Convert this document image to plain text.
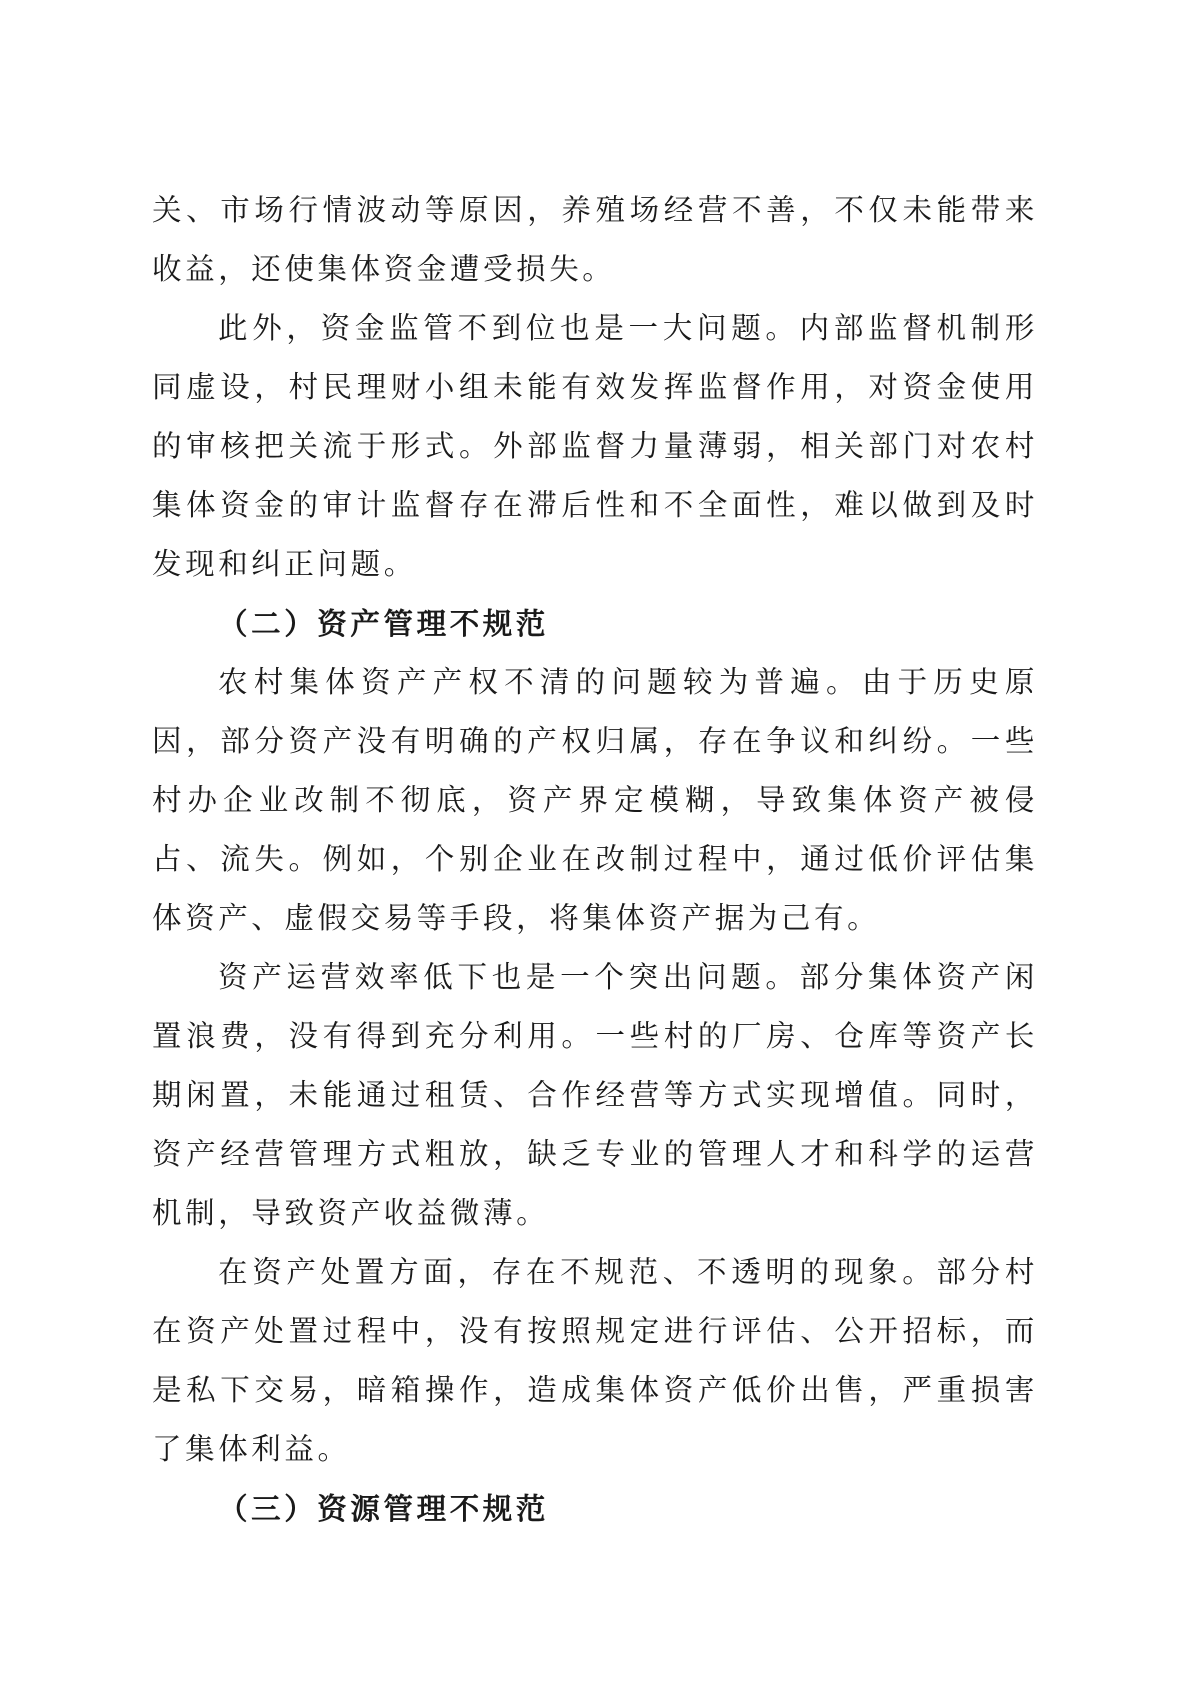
关、市场行情波动等原因，养殖场经营不善，不仅未能带来收益，还使集体资金遭受损失。

此外，资金监管不到位也是一大问题。内部监督机制形同虚设，村民理财小组未能有效发挥监督作用，对资金使用的审核把关流于形式。外部监督力量薄弱，相关部门对农村集体资金的审计监督存在滞后性和不全面性，难以做到及时发现和纠正问题。

（二）资产管理不规范

农村集体资产产权不清的问题较为普遍。由于历史原因，部分资产没有明确的产权归属，存在争议和纠纷。一些村办企业改制不彻底，资产界定模糊，导致集体资产被侵占、流失。例如，个别企业在改制过程中，通过低价评估集体资产、虚假交易等手段，将集体资产据为己有。

资产运营效率低下也是一个突出问题。部分集体资产闲置浪费，没有得到充分利用。一些村的厂房、仓库等资产长期闲置，未能通过租赁、合作经营等方式实现增值。同时，资产经营管理方式粗放，缺乏专业的管理人才和科学的运营机制，导致资产收益微薄。

在资产处置方面，存在不规范、不透明的现象。部分村在资产处置过程中，没有按照规定进行评估、公开招标，而是私下交易，暗箱操作，造成集体资产低价出售，严重损害了集体利益。

（三）资源管理不规范
